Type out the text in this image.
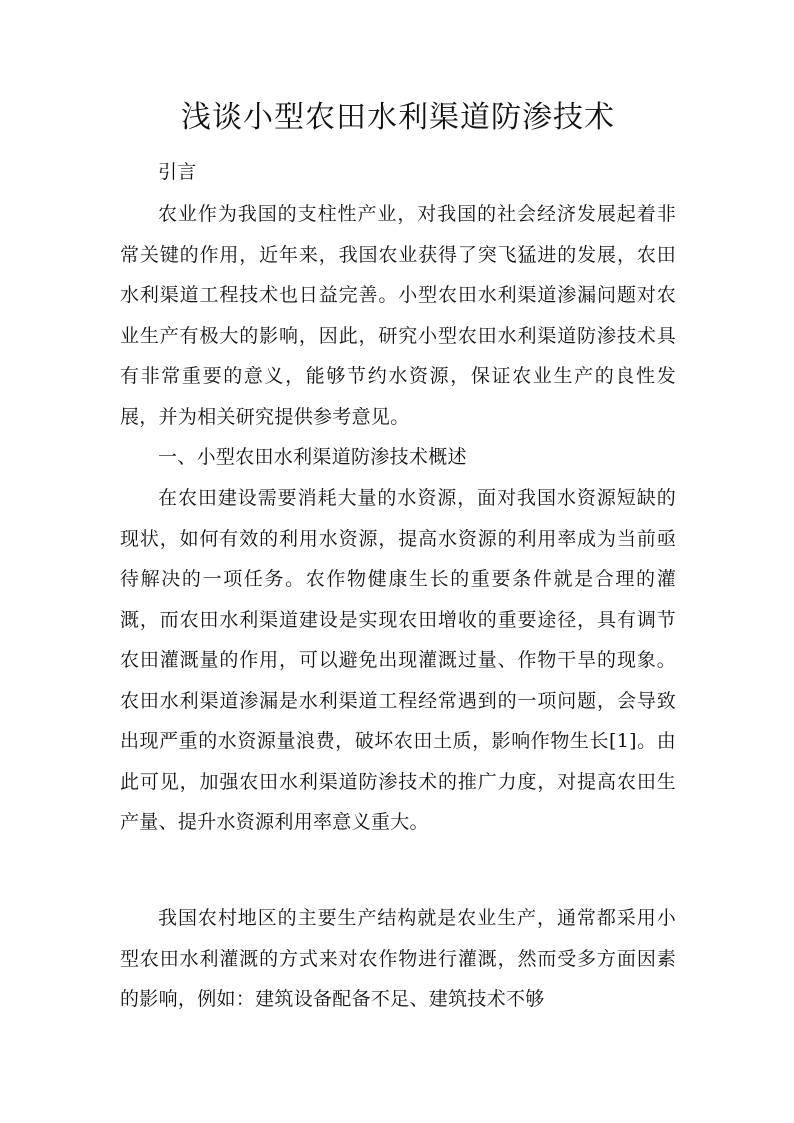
浅谈小型农田水利渠道防渗技术

引言

农业作为我国的支柱性产业，对我国的社会经济发展起着非常关键的作用，近年来，我国农业获得了突飞猛进的发展，农田水利渠道工程技术也日益完善。小型农田水利渠道渗漏问题对农业生产有极大的影响，因此，研究小型农田水利渠道防渗技术具有非常重要的意义，能够节约水资源，保证农业生产的良性发展，并为相关研究提供参考意见。

一、小型农田水利渠道防渗技术概述

在农田建设需要消耗大量的水资源，面对我国水资源短缺的现状，如何有效的利用水资源，提高水资源的利用率成为当前亟待解决的一项任务。农作物健康生长的重要条件就是合理的灌溉，而农田水利渠道建设是实现农田增收的重要途径，具有调节农田灌溉量的作用，可以避免出现灌溉过量、作物干旱的现象。农田水利渠道渗漏是水利渠道工程经常遇到的一项问题，会导致出现严重的水资源量浪费，破坏农田土质，影响作物生长[1]。由此可见，加强农田水利渠道防渗技术的推广力度，对提高农田生产量、提升水资源利用率意义重大。

我国农村地区的主要生产结构就是农业生产，通常都采用小型农田水利灌溉的方式来对农作物进行灌溉，然而受多方面因素的影响，例如：建筑设备配备不足、建筑技术不够
